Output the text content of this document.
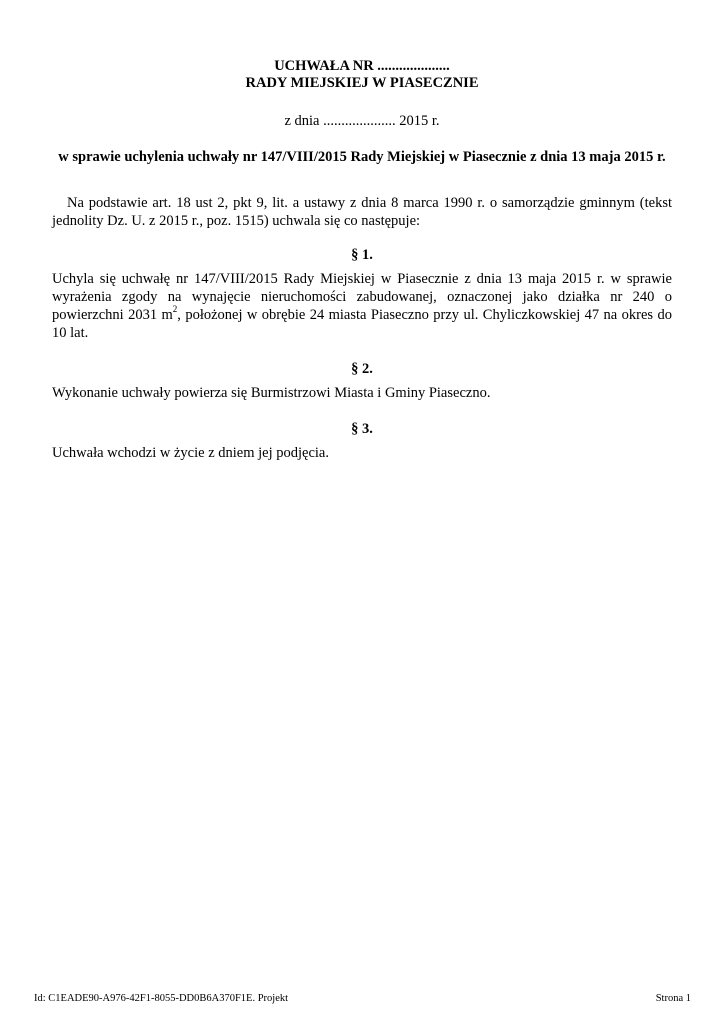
UCHWAŁA NR ....................
RADY MIEJSKIEJ W PIASECZNIE
z dnia .................... 2015 r.
w sprawie uchylenia uchwały nr 147/VIII/2015 Rady Miejskiej w Piasecznie z dnia 13 maja 2015 r.
Na podstawie art. 18 ust 2, pkt 9, lit. a ustawy z dnia 8 marca 1990 r. o samorządzie gminnym (tekst jednolity Dz. U. z 2015 r., poz. 1515) uchwala się co następuje:
§ 1.
Uchyla się uchwałę nr 147/VIII/2015 Rady Miejskiej w Piasecznie z dnia 13 maja 2015 r. w sprawie wyrażenia zgody na wynajęcie nieruchomości zabudowanej, oznaczonej jako działka nr 240 o powierzchni 2031 $m^2$, położonej w obrębie 24 miasta Piaseczno przy ul. Chyliczkowskiej 47 na okres do 10 lat.
§ 2.
Wykonanie uchwały powierza się Burmistrzowi Miasta i Gminy Piaseczno.
§ 3.
Uchwała wchodzi w życie z dniem jej podjęcia.
Id: C1EADE90-A976-42F1-8055-DD0B6A370F1E. Projekt	Strona 1
